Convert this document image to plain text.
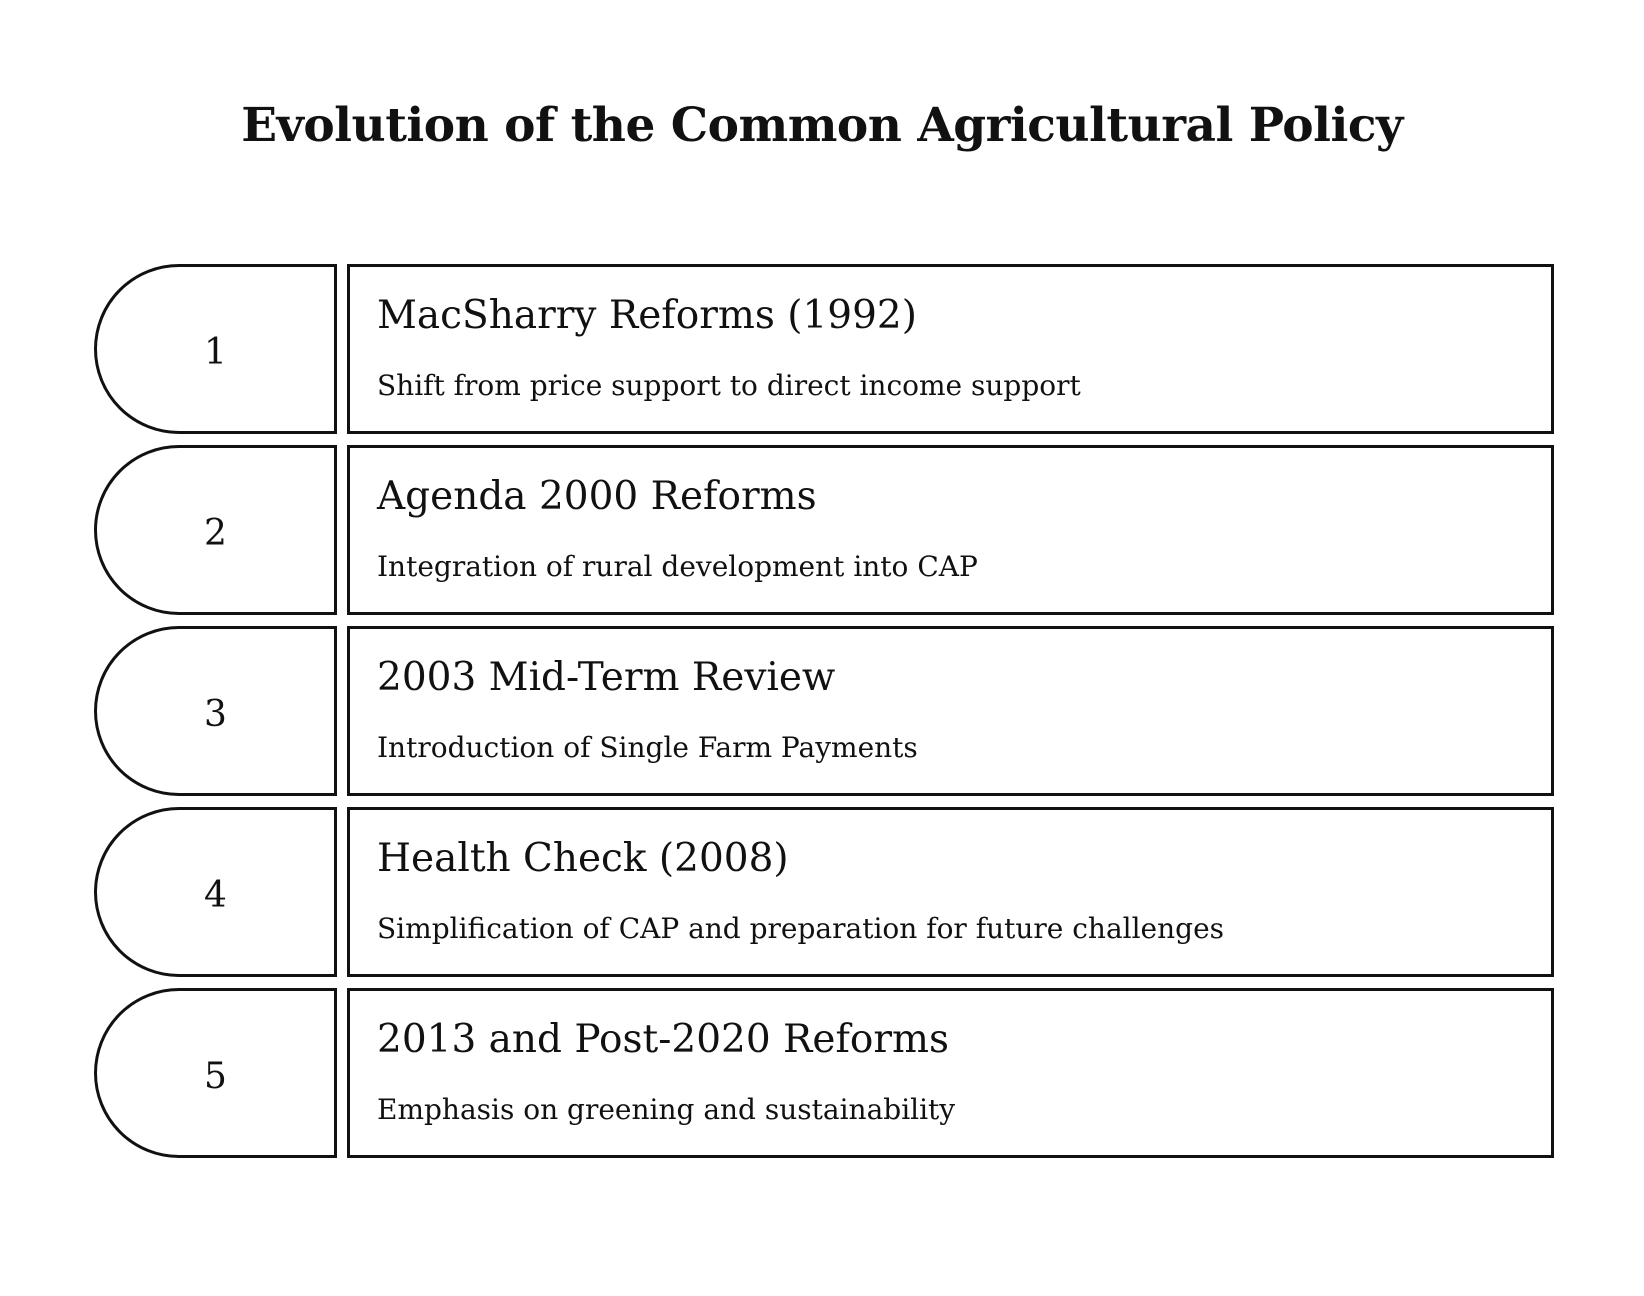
Evolution of the Common Agricultural Policy
1
MacSharry Reforms (1992)
Shift from price support to direct income support
2
Agenda 2000 Reforms
Integration of rural development into CAP
3
2003 Mid-Term Review
Introduction of Single Farm Payments
4
Health Check (2008)
Simplification of CAP and preparation for future challenges
5
2013 and Post-2020 Reforms
Emphasis on greening and sustainability
